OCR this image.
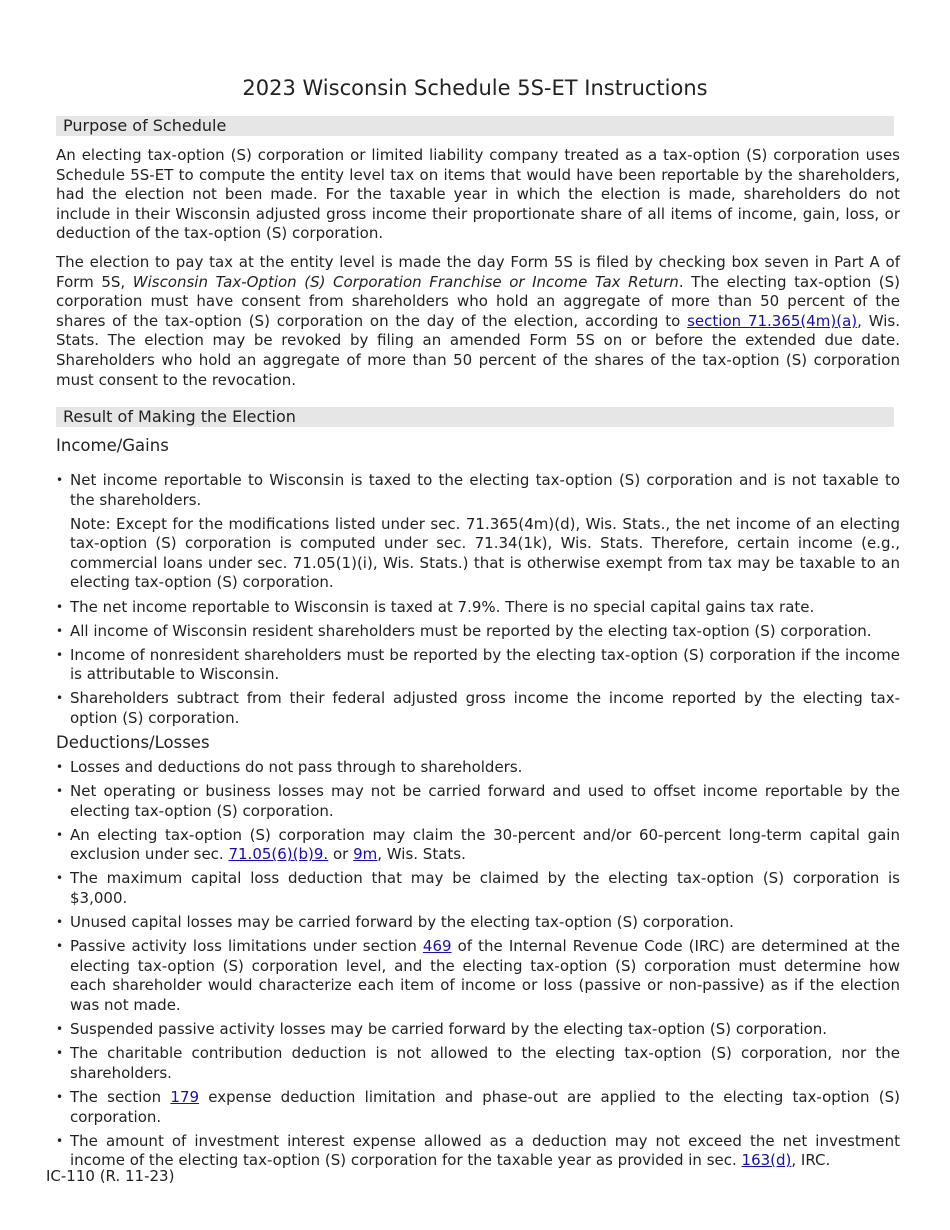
2023 Wisconsin Schedule 5S-ET Instructions
Purpose of Schedule
An electing tax-option (S) corporation or limited liability company treated as a tax-option (S) corporation uses Schedule 5S-ET to compute the entity level tax on items that would have been reportable by the shareholders, had the election not been made. For the taxable year in which the election is made, shareholders do not include in their Wisconsin adjusted gross income their proportionate share of all items of income, gain, loss, or deduction of the tax-option (S) corporation.
The election to pay tax at the entity level is made the day Form 5S is filed by checking box seven in Part A of Form 5S, Wisconsin Tax-Option (S) Corporation Franchise or Income Tax Return. The electing tax-option (S) corporation must have consent from shareholders who hold an aggregate of more than 50 percent of the shares of the tax-option (S) corporation on the day of the election, according to section 71.365(4m)(a), Wis. Stats. The election may be revoked by filing an amended Form 5S on or before the extended due date. Shareholders who hold an aggregate of more than 50 percent of the shares of the tax-option (S) corporation must consent to the revocation.
Result of Making the Election
Income/Gains
• Net income reportable to Wisconsin is taxed to the electing tax-option (S) corporation and is not taxable to the shareholders.
Note: Except for the modifications listed under sec. 71.365(4m)(d), Wis. Stats., the net income of an electing tax-option (S) corporation is computed under sec. 71.34(1k), Wis. Stats. Therefore, certain income (e.g., commercial loans under sec. 71.05(1)(i), Wis. Stats.) that is otherwise exempt from tax may be taxable to an electing tax-option (S) corporation.
• The net income reportable to Wisconsin is taxed at 7.9%. There is no special capital gains tax rate.
• All income of Wisconsin resident shareholders must be reported by the electing tax-option (S) corporation.
• Income of nonresident shareholders must be reported by the electing tax-option (S) corporation if the income is attributable to Wisconsin.
• Shareholders subtract from their federal adjusted gross income the income reported by the electing tax-option (S) corporation.
Deductions/Losses
• Losses and deductions do not pass through to shareholders.
• Net operating or business losses may not be carried forward and used to offset income reportable by the electing tax-option (S) corporation.
• An electing tax-option (S) corporation may claim the 30-percent and/or 60-percent long-term capital gain exclusion under sec. 71.05(6)(b)9. or 9m, Wis. Stats.
• The maximum capital loss deduction that may be claimed by the electing tax-option (S) corporation is $3,000.
• Unused capital losses may be carried forward by the electing tax-option (S) corporation.
• Passive activity loss limitations under section 469 of the Internal Revenue Code (IRC) are determined at the electing tax-option (S) corporation level, and the electing tax-option (S) corporation must determine how each shareholder would characterize each item of income or loss (passive or non-passive) as if the election was not made.
• Suspended passive activity losses may be carried forward by the electing tax-option (S) corporation.
• The charitable contribution deduction is not allowed to the electing tax-option (S) corporation, nor the shareholders.
• The section 179 expense deduction limitation and phase-out are applied to the electing tax-option (S) corporation.
• The amount of investment interest expense allowed as a deduction may not exceed the net investment income of the electing tax-option (S) corporation for the taxable year as provided in sec. 163(d), IRC.
IC-110 (R. 11-23)
